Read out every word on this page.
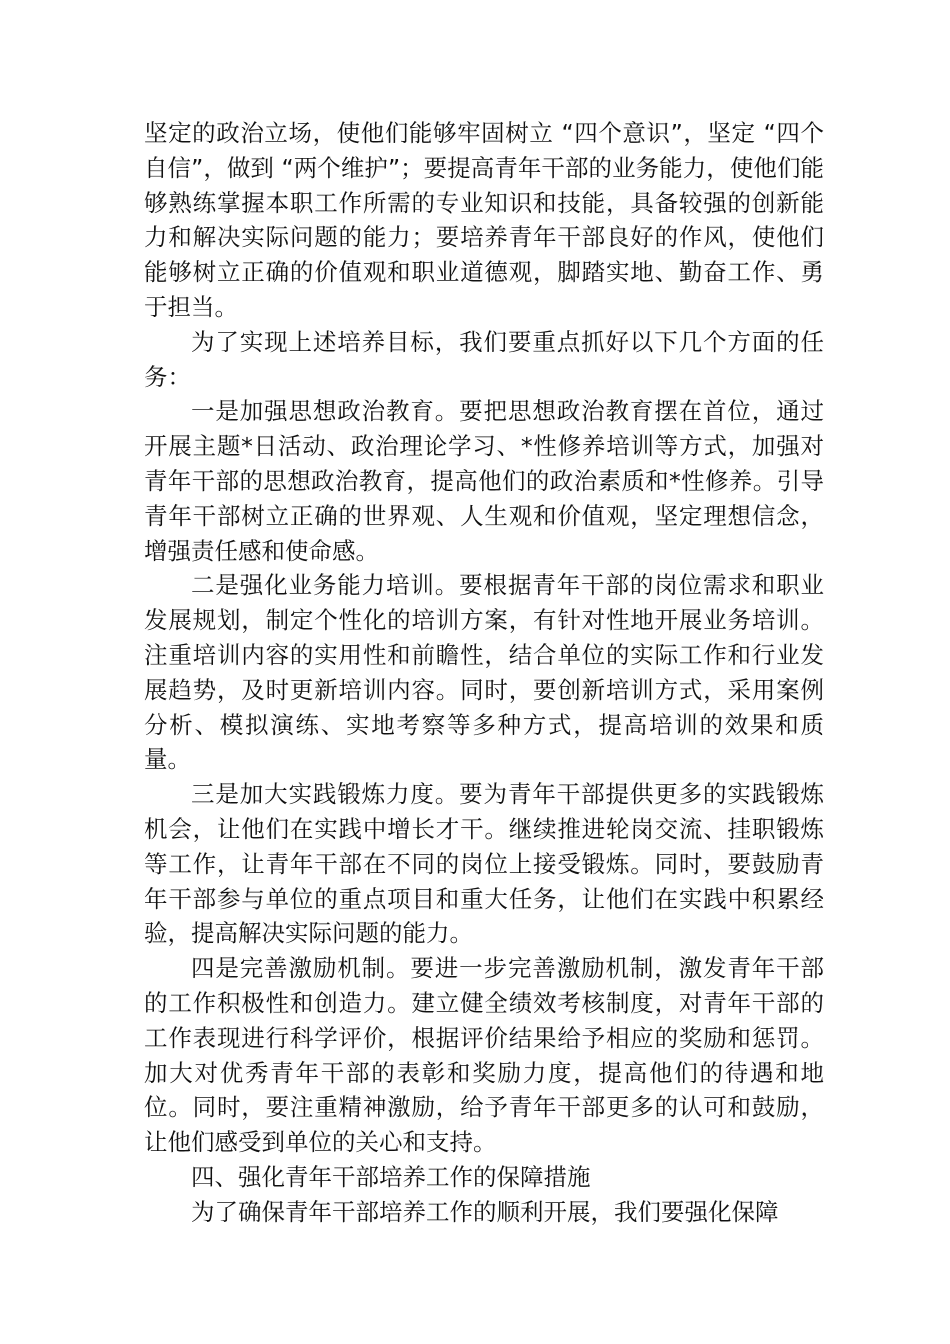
坚定的政治立场，使他们能够牢固树立 “四个意识”，坚定 “四个自信”，做到 “两个维护”；要提高青年干部的业务能力，使他们能够熟练掌握本职工作所需的专业知识和技能，具备较强的创新能力和解决实际问题的能力；要培养青年干部良好的作风，使他们能够树立正确的价值观和职业道德观，脚踏实地、勤奋工作、勇于担当。

为了实现上述培养目标，我们要重点抓好以下几个方面的任务：

一是加强思想政治教育。要把思想政治教育摆在首位，通过开展主题*日活动、政治理论学习、*性修养培训等方式，加强对青年干部的思想政治教育，提高他们的政治素质和*性修养。引导青年干部树立正确的世界观、人生观和价值观，坚定理想信念，增强责任感和使命感。

二是强化业务能力培训。要根据青年干部的岗位需求和职业发展规划，制定个性化的培训方案，有针对性地开展业务培训。注重培训内容的实用性和前瞻性，结合单位的实际工作和行业发展趋势，及时更新培训内容。同时，要创新培训方式，采用案例分析、模拟演练、实地考察等多种方式，提高培训的效果和质量。

三是加大实践锻炼力度。要为青年干部提供更多的实践锻炼机会，让他们在实践中增长才干。继续推进轮岗交流、挂职锻炼等工作，让青年干部在不同的岗位上接受锻炼。同时，要鼓励青年干部参与单位的重点项目和重大任务，让他们在实践中积累经验，提高解决实际问题的能力。

四是完善激励机制。要进一步完善激励机制，激发青年干部的工作积极性和创造力。建立健全绩效考核制度，对青年干部的工作表现进行科学评价，根据评价结果给予相应的奖励和惩罚。加大对优秀青年干部的表彰和奖励力度，提高他们的待遇和地位。同时，要注重精神激励，给予青年干部更多的认可和鼓励，让他们感受到单位的关心和支持。

四、强化青年干部培养工作的保障措施

为了确保青年干部培养工作的顺利开展，我们要强化保障
